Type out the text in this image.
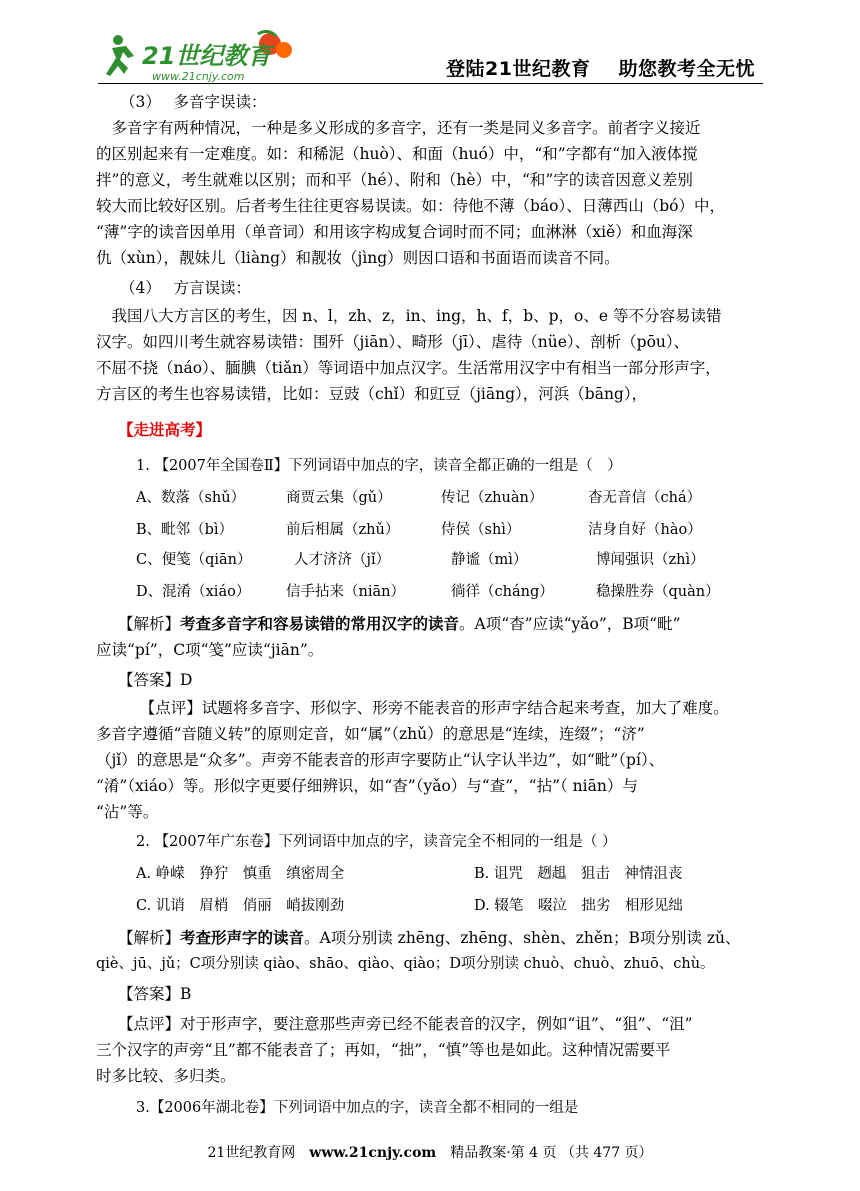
21世纪教育
www.21cnjy.com	登陆21世纪教育 助您教考全无忧
（3）　 多音字误读：
　多音字有两种情况，一种是多义形成的多音字，还有一类是同义多音字。前者字义接近
的区别起来有一定难度。如：和稀泥（huò）、和面（huó）中，“和”字都有“加入液体搅
拌”的意义，考生就难以区别；而和平（hé）、附和（hè）中，“和”字的读音因意义差别
较大而比较好区别。后者考生往往更容易误读。如：待他不薄（báo）、日薄西山（bó）中，
“薄”字的读音因单用（单音词）和用该字构成复合词时而不同；血淋淋（xiě）和血海深
仇（xùn），靓妹儿（liàng）和靓妆（jìng）则因口语和书面语而读音不同。
（4）　 方言误读：
　我国八大方言区的考生，因 n、l，zh、z，in、ing，h、f，b、p，o、e 等不分容易读错
汉字。如四川考生就容易读错：围歼（jiān）、畸形（jī）、虐待（nüe）、剖析（pōu）、
不屈不挠（náo）、腼腆（tiǎn）等词语中加点汉字。生活常用汉字中有相当一部分形声字，
方言区的考生也容易读错，比如：豆豉（chǐ）和豇豆（jiāng），河浜（bāng），
【走进高考】
1. 【2007年全国卷Ⅱ】下列词语中加点的字，读音全都正确的一组是（　）
A、数落（shǔ）	商贾云集（gǔ）	传记（zhuàn）	杳无音信（chá）
B、毗邻（bì）	前后相属（zhǔ）	侍侯（shì）	洁身自好（hào）
C、便笺（qiān）	人才济济（jǐ）	静谧（mì）	博闻强识（zhì）
D、混淆（xiáo） 信手拈来（niān）	徜徉（cháng）	稳操胜券（quàn）
【解析】考查多音字和容易读错的常用汉字的读音。A项“杳”应读“yǎo”，B项“毗”
应读“pí”，C项“笺”应读“jiān”。
【答案】D
　【点评】试题将多音字、形似字、形旁不能表音的形声字结合起来考查，加大了难度。
多音字遵循“音随义转”的原则定音，如“属”（zhǔ）的意思是“连续，连缀”；“济”
（jǐ）的意思是“众多”。声旁不能表音的形声字要防止“认字认半边”，如“毗”（pí）、
“淆”（xiáo）等。形似字更要仔细辨识，如“杳”（yǎo）与“查”，“拈”（ niān）与
“沾”等。
2. 【2007年广东卷】下列词语中加点的字，读音完全不相同的一组是（ ）
A. 峥嵘　狰狞　慎重　缜密周全	B. 诅咒　趔趄　狙击　神情沮丧
C. 讥诮　眉梢　俏丽　峭拔刚劲	D. 辍笔　啜泣　拙劣　相形见绌
【解析】考查形声字的读音。A项分别读 zhēng、zhēng、shèn、zhěn；B项分别读 zǔ、
qiè、jū、jǔ；C项分别读 qiào、shāo、qiào、qiào；D项分别读 chuò、chuò、zhuō、chù。
【答案】B
【点评】对于形声字，要注意那些声旁已经不能表音的汉字，例如“诅”、“狙”、“沮”
三个汉字的声旁“且”都不能表音了；再如，“拙”，“慎”等也是如此。这种情况需要平
时多比较、多归类。
3.【2006年湖北卷】下列词语中加点的字，读音全都不相同的一组是
21世纪教育网 www.21cnjy.com 精品教案·第 4 页 （共 477 页）
